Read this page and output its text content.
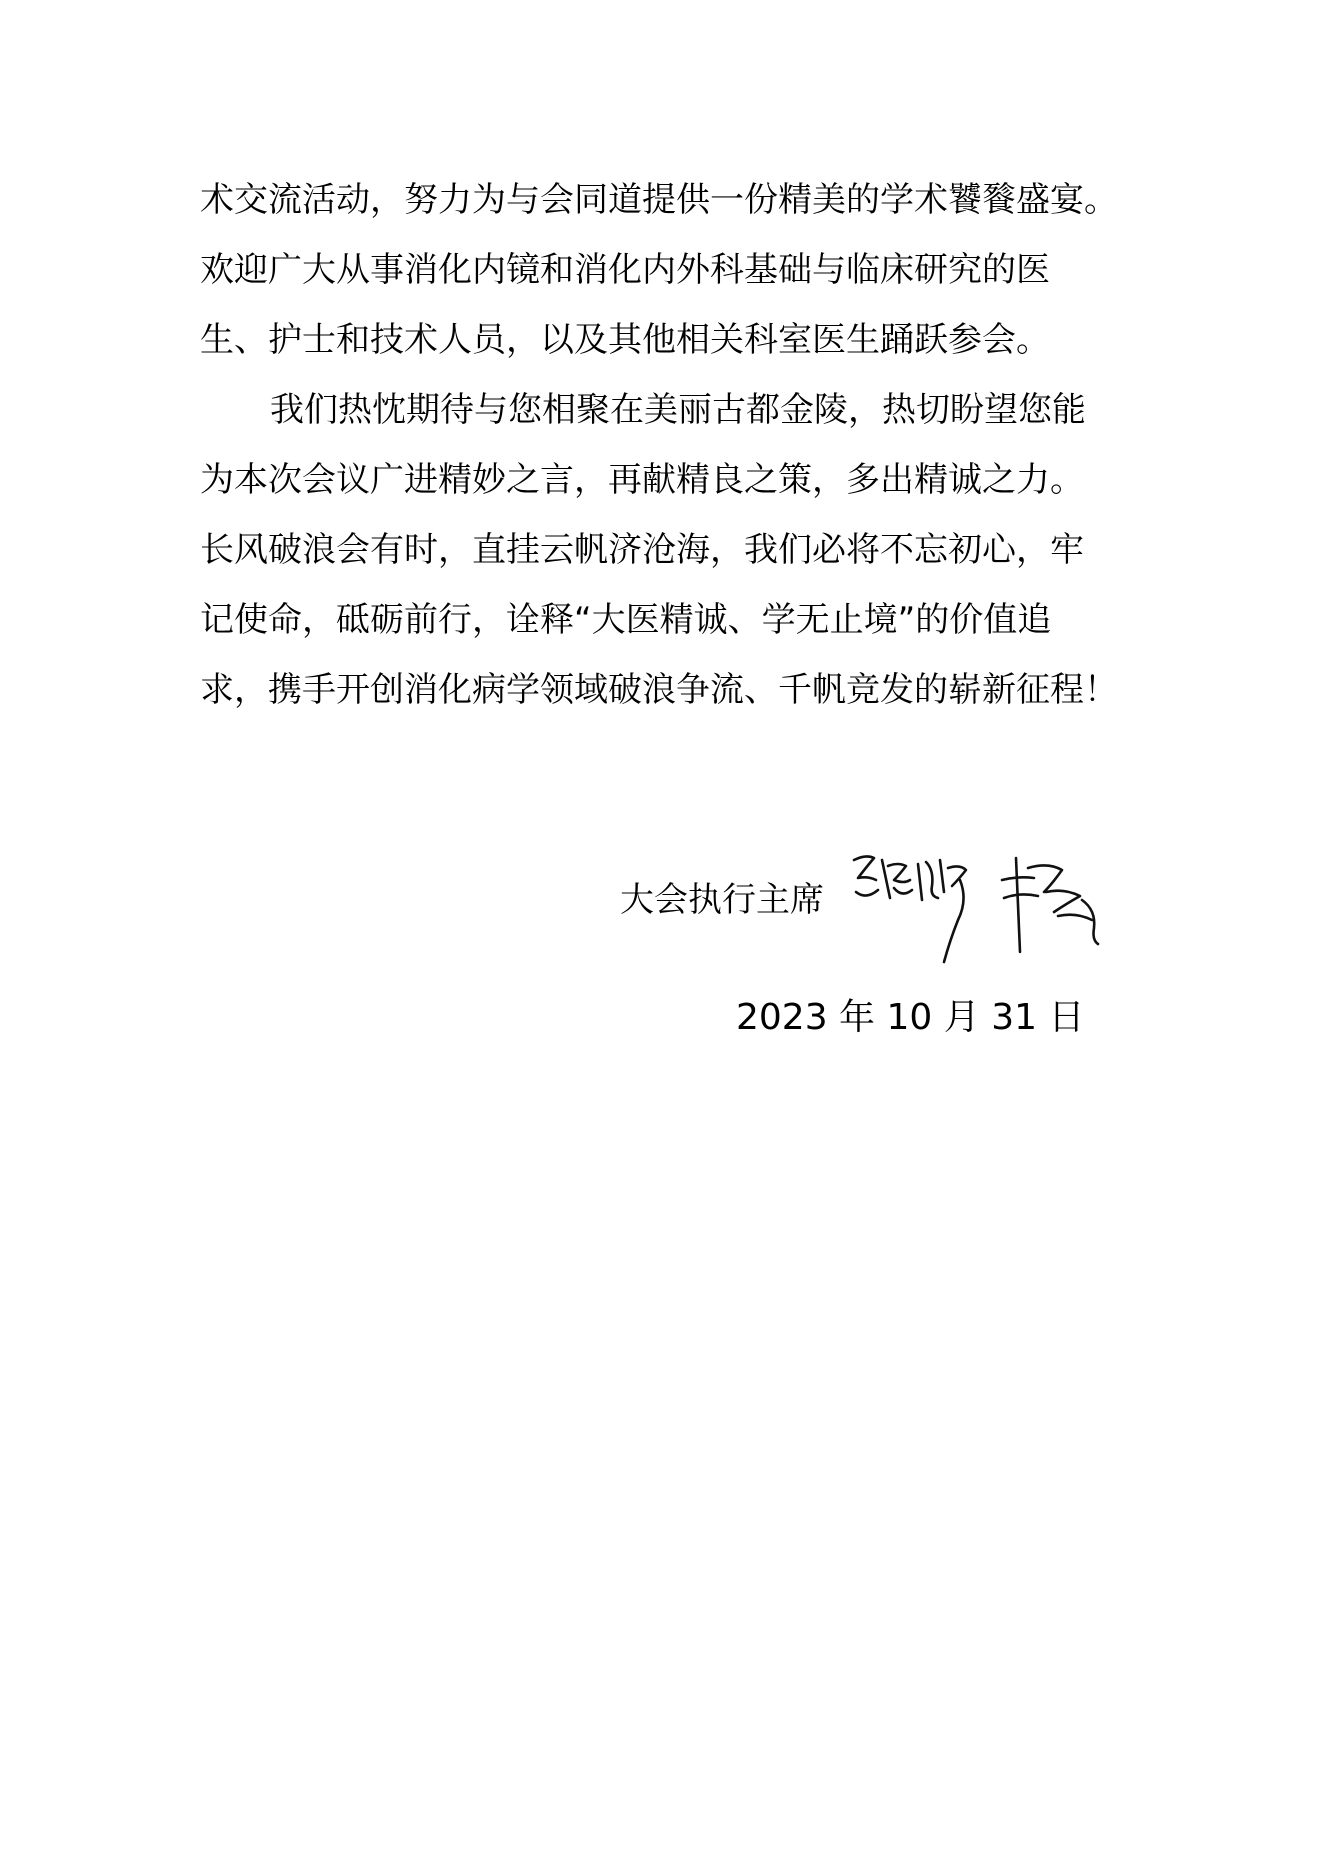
术交流活动，努力为与会同道提供一份精美的学术饕餮盛宴。
欢迎广大从事消化内镜和消化内外科基础与临床研究的医
生、护士和技术人员，以及其他相关科室医生踊跃参会。
我们热忱期待与您相聚在美丽古都金陵，热切盼望您能
为本次会议广进精妙之言，再献精良之策，多出精诚之力。
长风破浪会有时，直挂云帆济沧海，我们必将不忘初心，牢
记使命，砥砺前行，诠释“大医精诚、学无止境”的价值追
求，携手开创消化病学领域破浪争流、千帆竞发的崭新征程！
大会执行主席
2023 年 10 月 31 日
